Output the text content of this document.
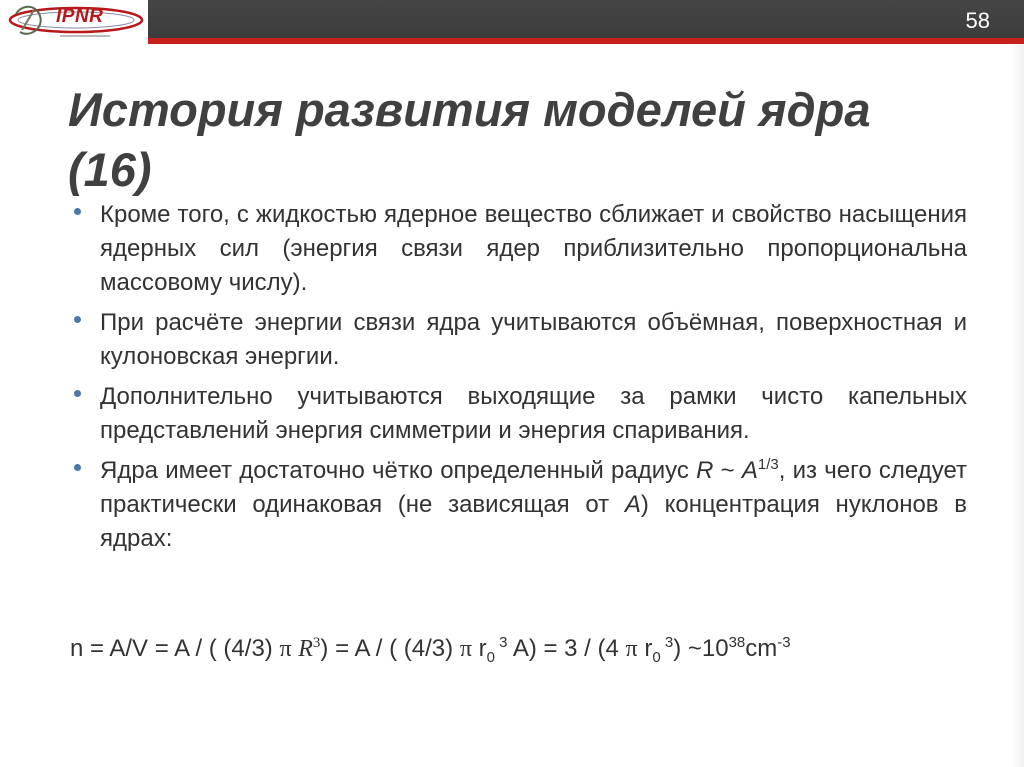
IPNR	58
История развития моделей ядра
(16)
Кроме того, с жидкостью ядерное вещество сближает и свойство насыщения ядерных сил (энергия связи ядер приблизительно пропорциональна массовому числу).
При расчёте энергии связи ядра учитываются объёмная, поверхностная и кулоновская энергии.
Дополнительно учитываются выходящие за рамки чисто капельных представлений энергия симметрии и энергия спаривания.
Ядра имеет достаточно чётко определенный радиус R ~ $A^{1/3}$, из чего следует практически одинаковая (не зависящая от A) концентрация нуклонов в ядрах:
n = A/V = A / ( (4/3) π $R^3) = A$ / ( (4/3) π $r_0$ $^3$ A) = 3 / (4 π $r_0$ $^3$) $\sim 10^{38}cm^{-3}$
